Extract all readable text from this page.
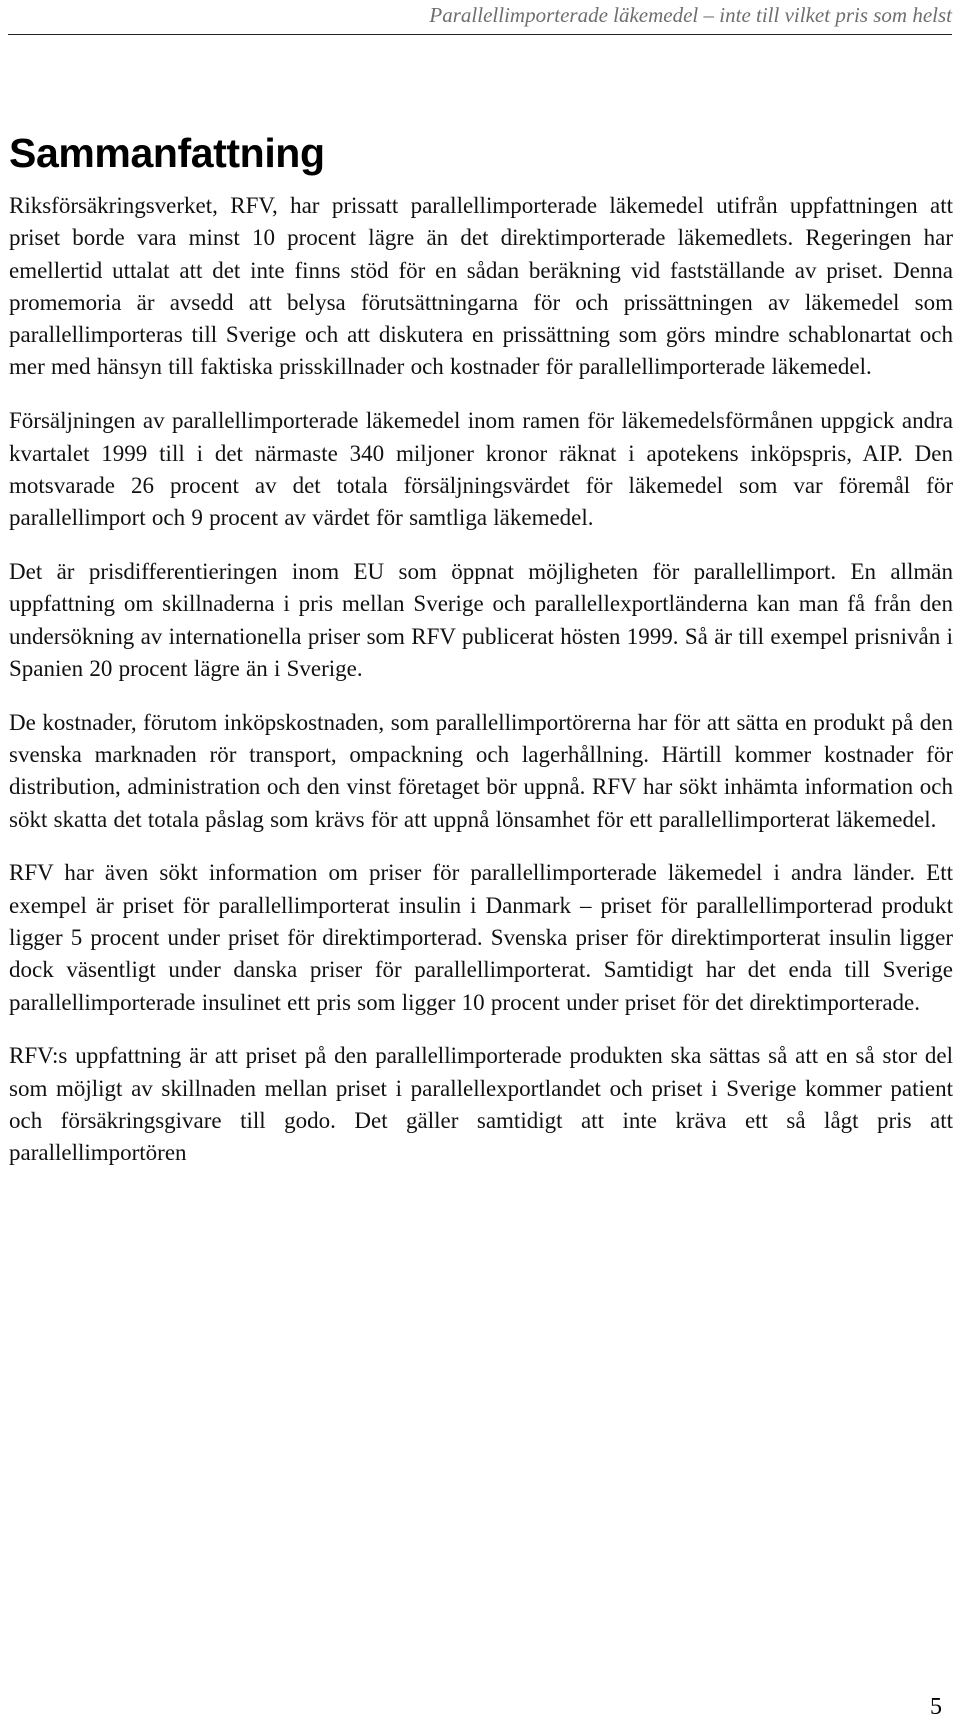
Parallellimporterade läkemedel – inte till vilket pris som helst
Sammanfattning

Riksförsäkringsverket, RFV, har prissatt parallellimporterade läkemedel utifrån uppfattningen att priset borde vara minst 10 procent lägre än det direktimporterade läkemedlets. Regeringen har emellertid uttalat att det inte finns stöd för en sådan beräkning vid fastställande av priset. Denna promemoria är avsedd att belysa förutsättningarna för och prissättningen av läkemedel som parallellimporteras till Sverige och att diskutera en prissättning som görs mindre schablonartat och mer med hänsyn till faktiska prisskillnader och kostnader för parallellimporterade läkemedel.

Försäljningen av parallellimporterade läkemedel inom ramen för läkemedelsförmånen uppgick andra kvartalet 1999 till i det närmaste 340 miljoner kronor räknat i apotekens inköpspris, AIP. Den motsvarade 26 procent av det totala försäljningsvärdet för läkemedel som var föremål för parallellimport och 9 procent av värdet för samtliga läkemedel.

Det är prisdifferentieringen inom EU som öppnat möjligheten för parallellimport. En allmän uppfattning om skillnaderna i pris mellan Sverige och parallellexportländerna kan man få från den undersökning av internationella priser som RFV publicerat hösten 1999. Så är till exempel prisnivån i Spanien 20 procent lägre än i Sverige.

De kostnader, förutom inköpskostnaden, som parallellimportörerna har för att sätta en produkt på den svenska marknaden rör transport, ompackning och lagerhållning. Härtill kommer kostnader för distribution, administration och den vinst företaget bör uppnå. RFV har sökt inhämta information och sökt skatta det totala påslag som krävs för att uppnå lönsamhet för ett parallellimporterat läkemedel.

RFV har även sökt information om priser för parallellimporterade läkemedel i andra länder. Ett exempel är priset för parallellimporterat insulin i Danmark – priset för parallellimporterad produkt ligger 5 procent under priset för direktimporterad. Svenska priser för direktimporterat insulin ligger dock väsentligt under danska priser för parallellimporterat. Samtidigt har det enda till Sverige parallellimporterade insulinet ett pris som ligger 10 procent under priset för det direktimporterade.

RFV:s uppfattning är att priset på den parallellimporterade produkten ska sättas så att en så stor del som möjligt av skillnaden mellan priset i parallellexportlandet och priset i Sverige kommer patient och försäkringsgivare till godo. Det gäller samtidigt att inte kräva ett så lågt pris att parallellimportören

5
